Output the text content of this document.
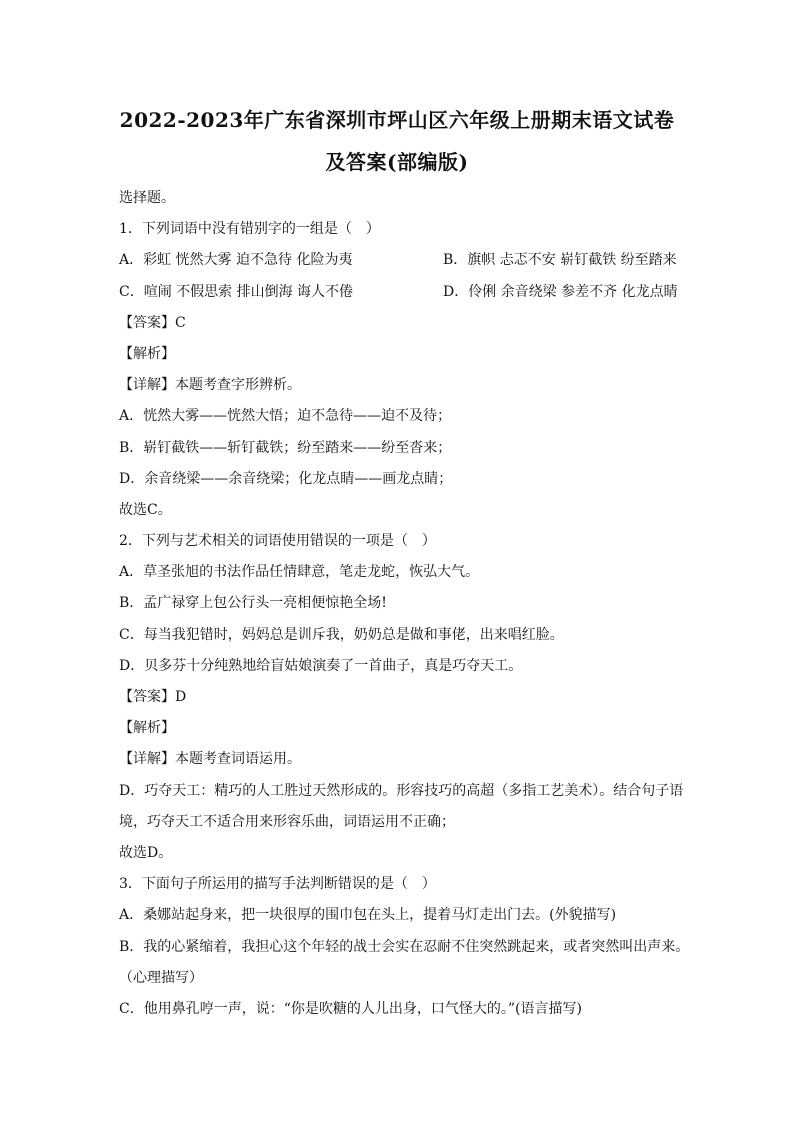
2022-2023年广东省深圳市坪山区六年级上册期末语文试卷
及答案(部编版)
选择题。
1．下列词语中没有错别字的一组是（　）
A．彩虹 恍然大雾 迫不急待 化险为夷	B．旗帜 忐忑不安 崭钉截铁 纷至踏来
C．喧闹 不假思索 排山倒海 诲人不倦	D．伶俐 余音绕梁 参差不齐 化龙点睛
【答案】C
【解析】
【详解】本题考查字形辨析。
A．恍然大雾——恍然大悟；迫不急待——迫不及待；
B．崭钉截铁——斩钉截铁；纷至踏来——纷至沓来；
D．余音绕梁——余音绕梁；化龙点睛——画龙点睛；
故选C。
2．下列与艺术相关的词语使用错误的一项是（　）
A．草圣张旭的书法作品任情肆意，笔走龙蛇，恢弘大气。
B．孟广禄穿上包公行头一亮相便惊艳全场!
C．每当我犯错时，妈妈总是训斥我，奶奶总是做和事佬，出来唱红脸。
D．贝多芬十分纯熟地给盲姑娘演奏了一首曲子，真是巧夺天工。
【答案】D
【解析】
【详解】本题考查词语运用。
D．巧夺天工：精巧的人工胜过天然形成的。形容技巧的高超（多指工艺美术）。结合句子语
境，巧夺天工不适合用来形容乐曲，词语运用不正确；
故选D。
3．下面句子所运用的描写手法判断错误的是（　）
A．桑娜站起身来，把一块很厚的围巾包在头上，提着马灯走出门去。(外貌描写)
B．我的心紧缩着，我担心这个年轻的战士会实在忍耐不住突然跳起来，或者突然叫出声来。
（心理描写）
C．他用鼻孔哼一声，说：“你是吹糖的人儿出身，口气怪大的。”(语言描写)
